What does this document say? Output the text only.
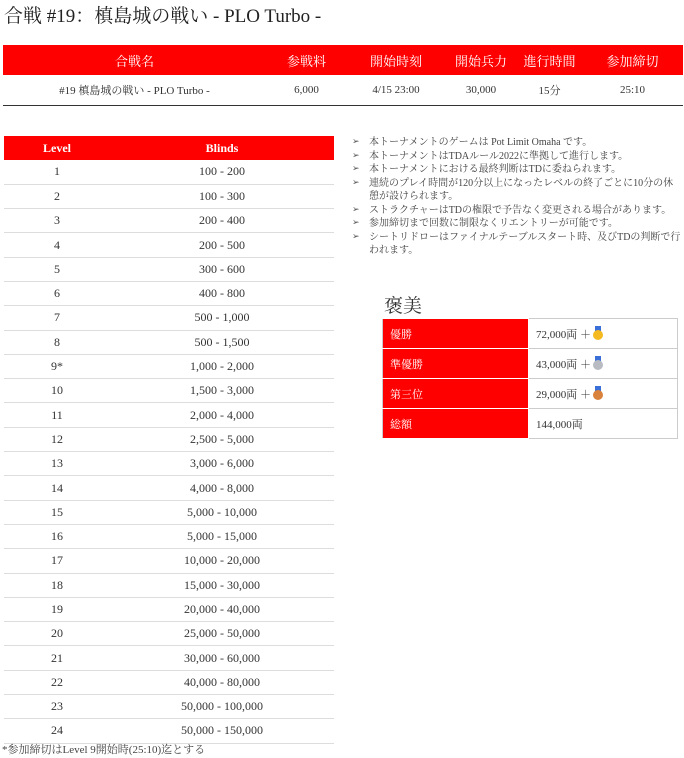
合戦 #19：槙島城の戦い - PLO Turbo -
合戦名	参戦料	開始時刻	開始兵力	進行時間	参加締切
#19 槙島城の戦い - PLO Turbo -	6,000	4/15 23:00	30,000	15分	25:10
Level	Blinds
1	100 - 200
2	100 - 300
3	200 - 400
4	200 - 500
5	300 - 600
6	400 - 800
7	500 - 1,000
8	500 - 1,500
9*	1,000 - 2,000
10	1,500 - 3,000
11	2,000 - 4,000
12	2,500 - 5,000
13	3,000 - 6,000
14	4,000 - 8,000
15	5,000 - 10,000
16	5,000 - 15,000
17	10,000 - 20,000
18	15,000 - 30,000
19	20,000 - 40,000
20	25,000 - 50,000
21	30,000 - 60,000
22	40,000 - 80,000
23	50,000 - 100,000
24	50,000 - 150,000
*参加締切はLevel 9開始時(25:10)迄とする
➢ 本トーナメントのゲームは Pot Limit Omaha です。
➢ 本トーナメントはTDAルール2022に準拠して進行します。
➢ 本トーナメントにおける最終判断はTDに委ねられます。
➢ 連続のプレイ時間が120分以上になったレベルの終了ごとに10分の休憩が設けられます。
➢ ストラクチャーはTDの権限で予告なく変更される場合があります。
➢ 参加締切まで回数に制限なくリエントリーが可能です。
➢ シートリドローはファイナルテーブルスタート時、及びTDの判断で行われます。
褒美
優勝	72,000両 ＋

準優勝	43,000両 ＋

第三位	29,000両 ＋

総額	144,000両
